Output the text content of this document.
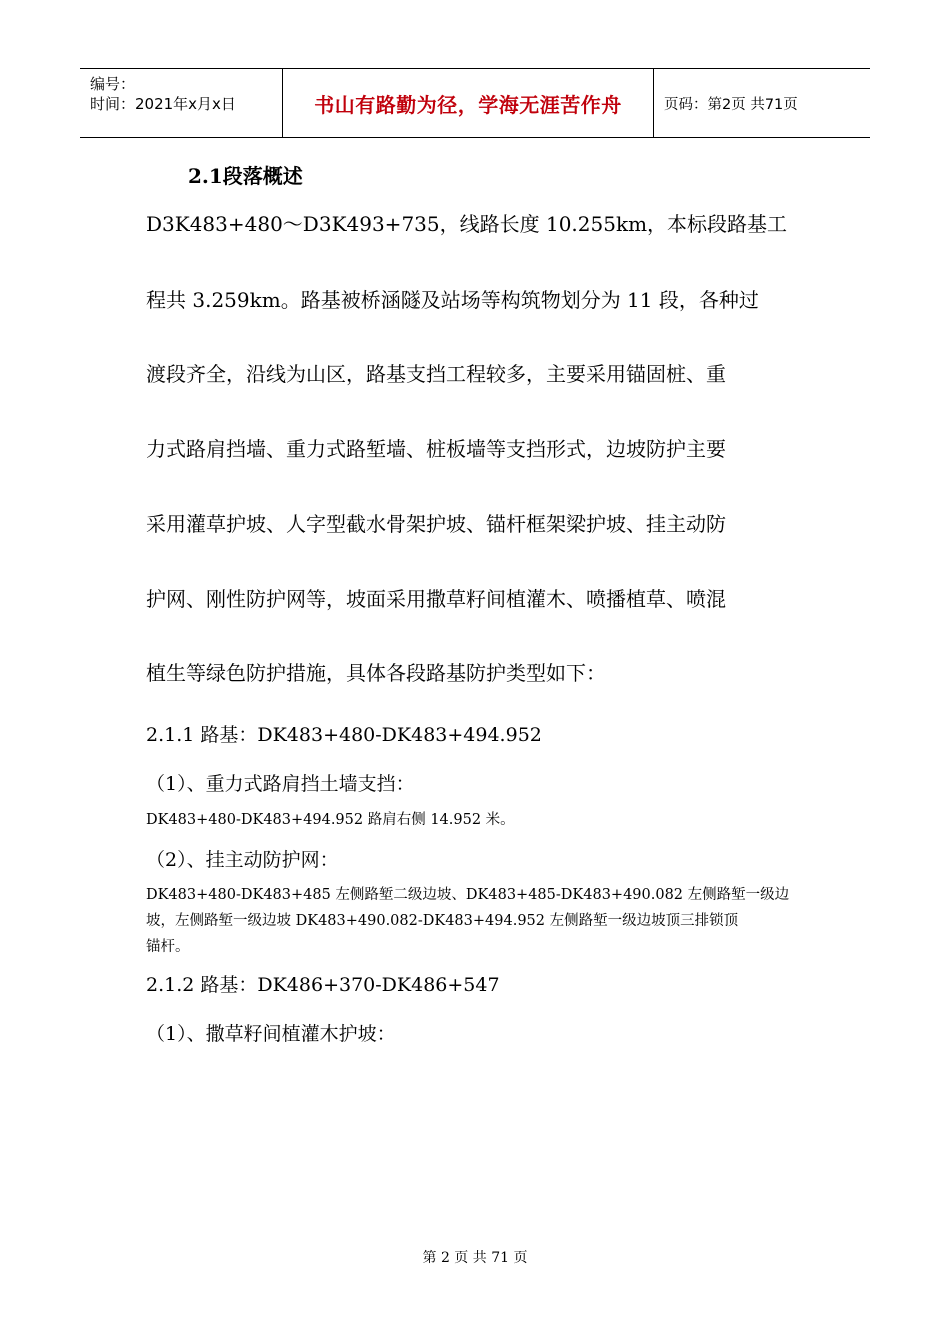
编号：
时间：2021年x月x日	书山有路勤为径，学海无涯苦作舟	页码：第2页 共71页
2.1段落概述
D3K483+480～D3K493+735，线路长度 10.255km，本标段路基工
程共 3.259km。路基被桥涵隧及站场等构筑物划分为 11 段，各种过
渡段齐全，沿线为山区，路基支挡工程较多，主要采用锚固桩、重
力式路肩挡墙、重力式路堑墙、桩板墙等支挡形式，边坡防护主要
采用灌草护坡、人字型截水骨架护坡、锚杆框架梁护坡、挂主动防
护网、刚性防护网等，坡面采用撒草籽间植灌木、喷播植草、喷混
植生等绿色防护措施，具体各段路基防护类型如下：
2.1.1 路基：DK483+480-DK483+494.952
（1）、重力式路肩挡土墙支挡：
DK483+480-DK483+494.952 路肩右侧 14.952 米。
（2）、挂主动防护网：
DK483+480-DK483+485 左侧路堑二级边坡、DK483+485-DK483+490.082 左侧路堑一级边
坡，左侧路堑一级边坡 DK483+490.082-DK483+494.952 左侧路堑一级边坡顶三排锁顶
锚杆。
2.1.2 路基：DK486+370-DK486+547
（1）、撒草籽间植灌木护坡：
第 2 页 共 71 页
